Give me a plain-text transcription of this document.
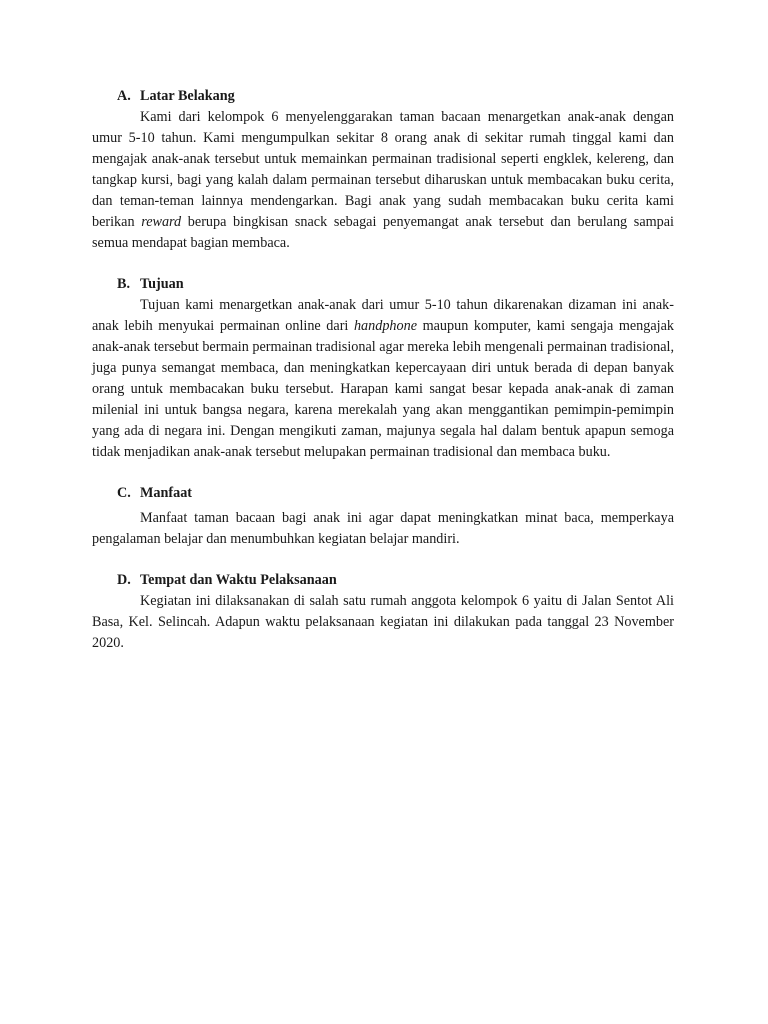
A. Latar Belakang

Kami dari kelompok 6 menyelenggarakan taman bacaan menargetkan anak-anak dengan umur 5-10 tahun. Kami mengumpulkan sekitar 8 orang anak di sekitar rumah tinggal kami dan mengajak anak-anak tersebut untuk memainkan permainan tradisional seperti engklek, kelereng, dan tangkap kursi, bagi yang kalah dalam permainan tersebut diharuskan untuk membacakan buku cerita, dan teman-teman lainnya mendengarkan. Bagi anak yang sudah membacakan buku cerita kami berikan reward berupa bingkisan snack sebagai penyemangat anak tersebut dan berulang sampai semua mendapat bagian membaca.

B. Tujuan

Tujuan kami menargetkan anak-anak dari umur 5-10 tahun dikarenakan dizaman ini anak-anak lebih menyukai permainan online dari handphone maupun komputer, kami sengaja mengajak anak-anak tersebut bermain permainan tradisional agar mereka lebih mengenali permainan tradisional, juga punya semangat membaca, dan meningkatkan kepercayaan diri untuk berada di depan banyak orang untuk membacakan buku tersebut. Harapan kami sangat besar kepada anak-anak di zaman milenial ini untuk bangsa negara, karena merekalah yang akan menggantikan pemimpin-pemimpin yang ada di negara ini. Dengan mengikuti zaman, majunya segala hal dalam bentuk apapun semoga tidak menjadikan anak-anak tersebut melupakan permainan tradisional dan membaca buku.

C. Manfaat

Manfaat taman bacaan bagi anak ini agar dapat meningkatkan minat baca, memperkaya pengalaman belajar dan menumbuhkan kegiatan belajar mandiri.

D. Tempat dan Waktu Pelaksanaan

Kegiatan ini dilaksanakan di salah satu rumah anggota kelompok 6 yaitu di Jalan Sentot Ali Basa, Kel. Selincah. Adapun waktu pelaksanaan kegiatan ini dilakukan pada tanggal 23 November 2020.
